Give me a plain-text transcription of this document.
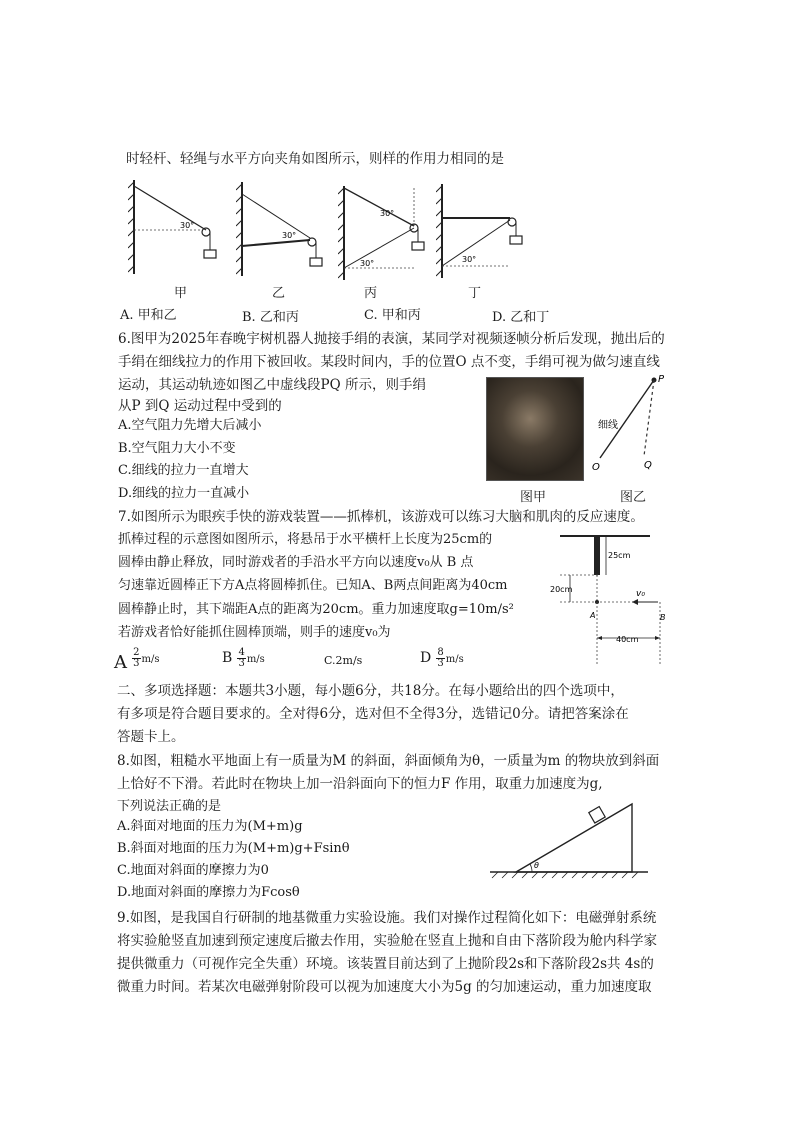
时轻杆、轻绳与水平方向夹角如图所示，则样的作用力相同的是
30°
30°
30°
30°	30°
甲	乙	丙	丁
A. 甲和乙	B. 乙和丙	C. 甲和丙	D. 乙和丁
6.图甲为2025年春晚宇树机器人抛接手绢的表演，某同学对视频逐帧分析后发现，抛出后的
手绢在细线拉力的作用下被回收。某段时间内，手的位置O 点不变，手绢可视为做匀速直线
运动，其运动轨迹如图乙中虚线段PQ 所示，则手绢
从P 到Q 运动过程中受到的
A.空气阻力先增大后减小
B.空气阻力大小不变
C.细线的拉力一直增大
D.细线的拉力一直减小	图甲
P
O	Q
细线
图乙
7.如图所示为眼疾手快的游戏装置——抓棒机，该游戏可以练习大脑和肌肉的反应速度。
抓棒过程的示意图如图所示，将悬吊于水平横杆上长度为25cm的
圆棒由静止释放，同时游戏者的手沿水平方向以速度v₀从 B 点
匀速靠近圆棒正下方A点将圆棒抓住。已知A、B两点间距离为40cm
圆棒静止时，其下端距A点的距离为20cm。重力加速度取g=10m/s²
若游戏者恰好能抓住圆棒顶端，则手的速度v₀为
25cm
20cm
A
v₀
B
40cm
A $\frac{2}{3} m/s$	B $\frac{4}{3} m/s$	C.2m/s	D $\frac{8}{3} m/s$
二、多项选择题：本题共3小题，每小题6分，共18分。在每小题给出的四个选项中，
有多项是符合题目要求的。全对得6分，选对但不全得3分，选错记0分。请把答案涂在
答题卡上。
8.如图，粗糙水平地面上有一质量为M 的斜面，斜面倾角为θ，一质量为m 的物块放到斜面
上恰好不下滑。若此时在物块上加一沿斜面向下的恒力F 作用，取重力加速度为g,
下列说法正确的是
A.斜面对地面的压力为(M+m)g
B.斜面对地面的压力为(M+m)g+Fsinθ
C.地面对斜面的摩擦力为0
D.地面对斜面的摩擦力为Fcosθ
θ
9.如图，是我国自行研制的地基微重力实验设施。我们对操作过程简化如下：电磁弹射系统
将实验舱竖直加速到预定速度后撤去作用，实验舱在竖直上抛和自由下落阶段为舱内科学家
提供微重力（可视作完全失重）环境。该装置目前达到了上抛阶段2s和下落阶段2s共 4s的
微重力时间。若某次电磁弹射阶段可以视为加速度大小为5g 的匀加速运动，重力加速度取
